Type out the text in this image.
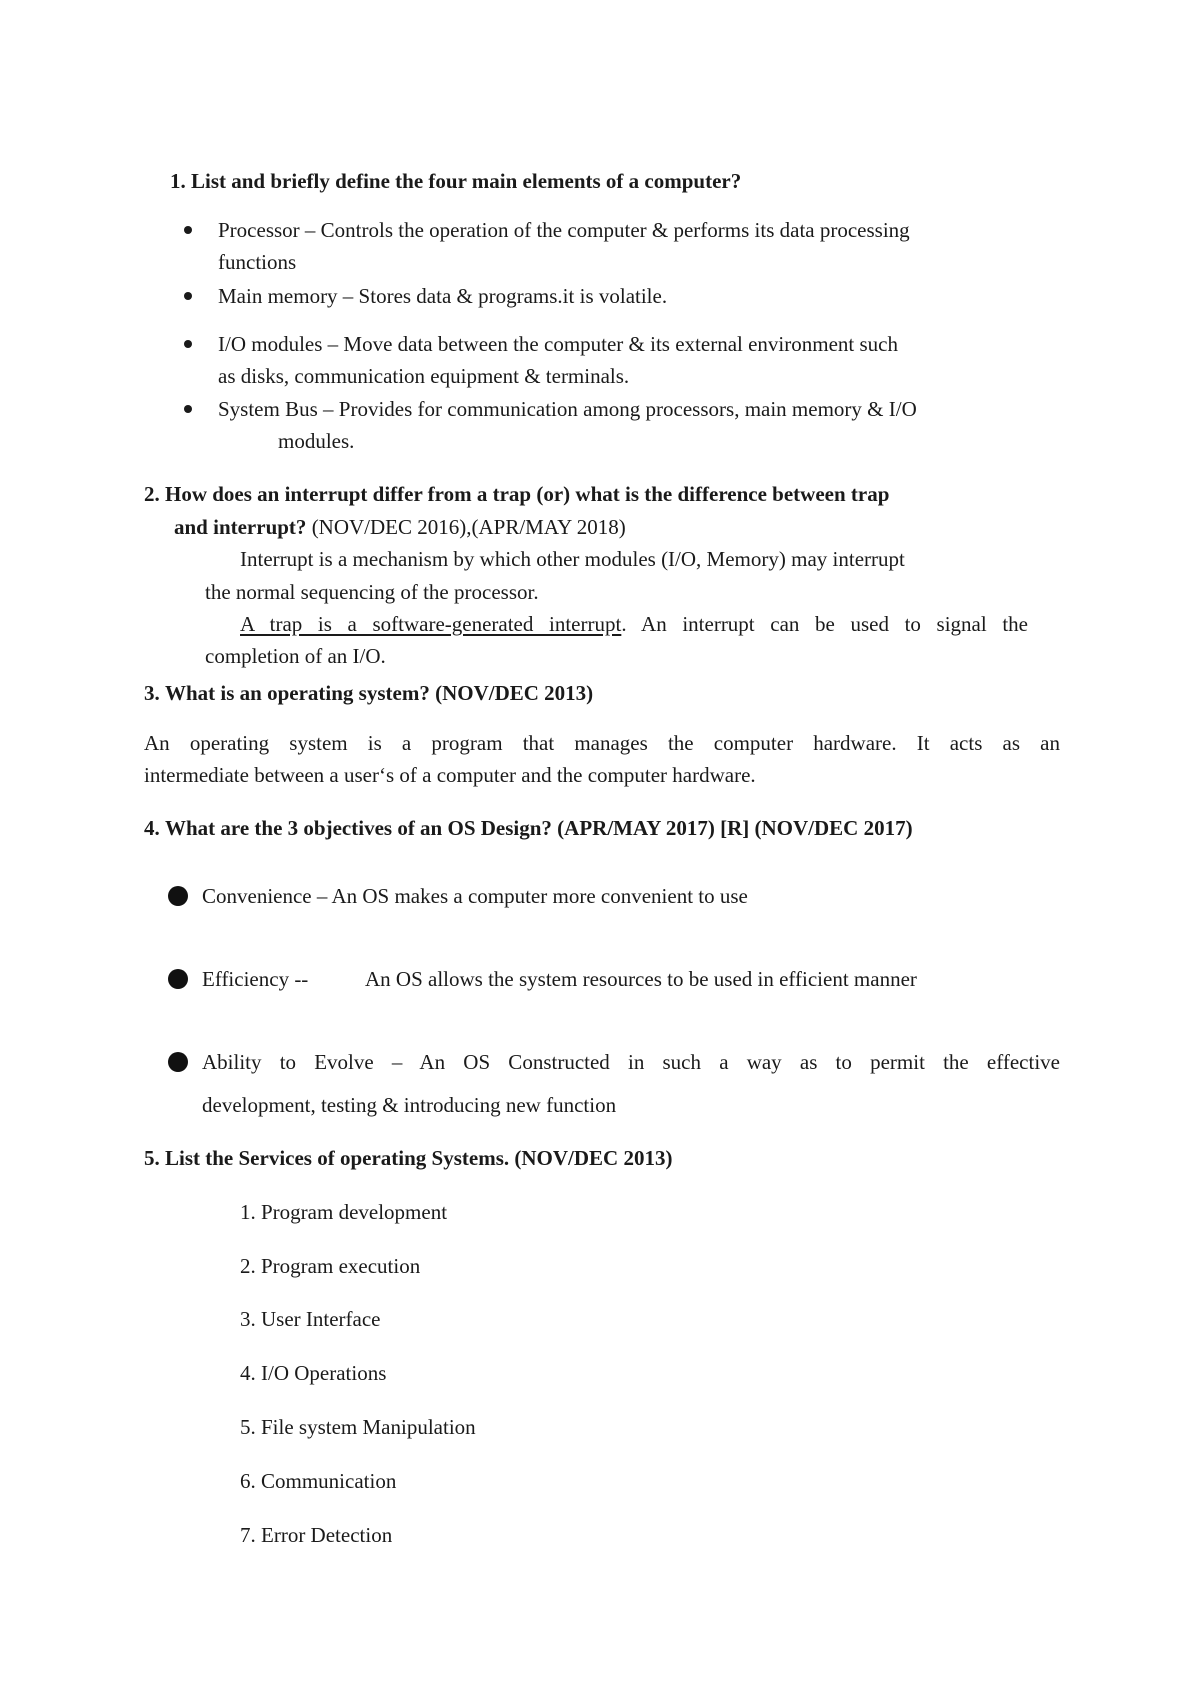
1. List and briefly define the four main elements of a computer?
Processor – Controls the operation of the computer & performs its data processing
functions
Main memory – Stores data & programs.it is volatile.
I/O modules – Move data between the computer & its external environment such
as disks, communication equipment & terminals.
System Bus – Provides for communication among processors, main memory & I/O
modules.
2. How does an interrupt differ from a trap (or) what is the difference between trap
and interrupt? (NOV/DEC 2016),(APR/MAY 2018)
Interrupt is a mechanism by which other modules (I/O, Memory) may interrupt
the normal sequencing of the processor.
A trap is a software-generated interrupt. An interrupt can be used to signal the
completion of an I/O.
3. What is an operating system? (NOV/DEC 2013)
An operating system is a program that manages the computer hardware. It acts as an
intermediate between a user‘s of a computer and the computer hardware.
4. What are the 3 objectives of an OS Design? (APR/MAY 2017) [R] (NOV/DEC 2017)
Convenience – An OS makes a computer more convenient to use
Efficiency --	An OS allows the system resources to be used in efficient manner
Ability to Evolve – An OS Constructed in such a way as to permit the effective
development, testing & introducing new function
5. List the Services of operating Systems. (NOV/DEC 2013)
1. Program development
2. Program execution
3. User Interface
4. I/O Operations
5. File system Manipulation
6. Communication
7. Error Detection
